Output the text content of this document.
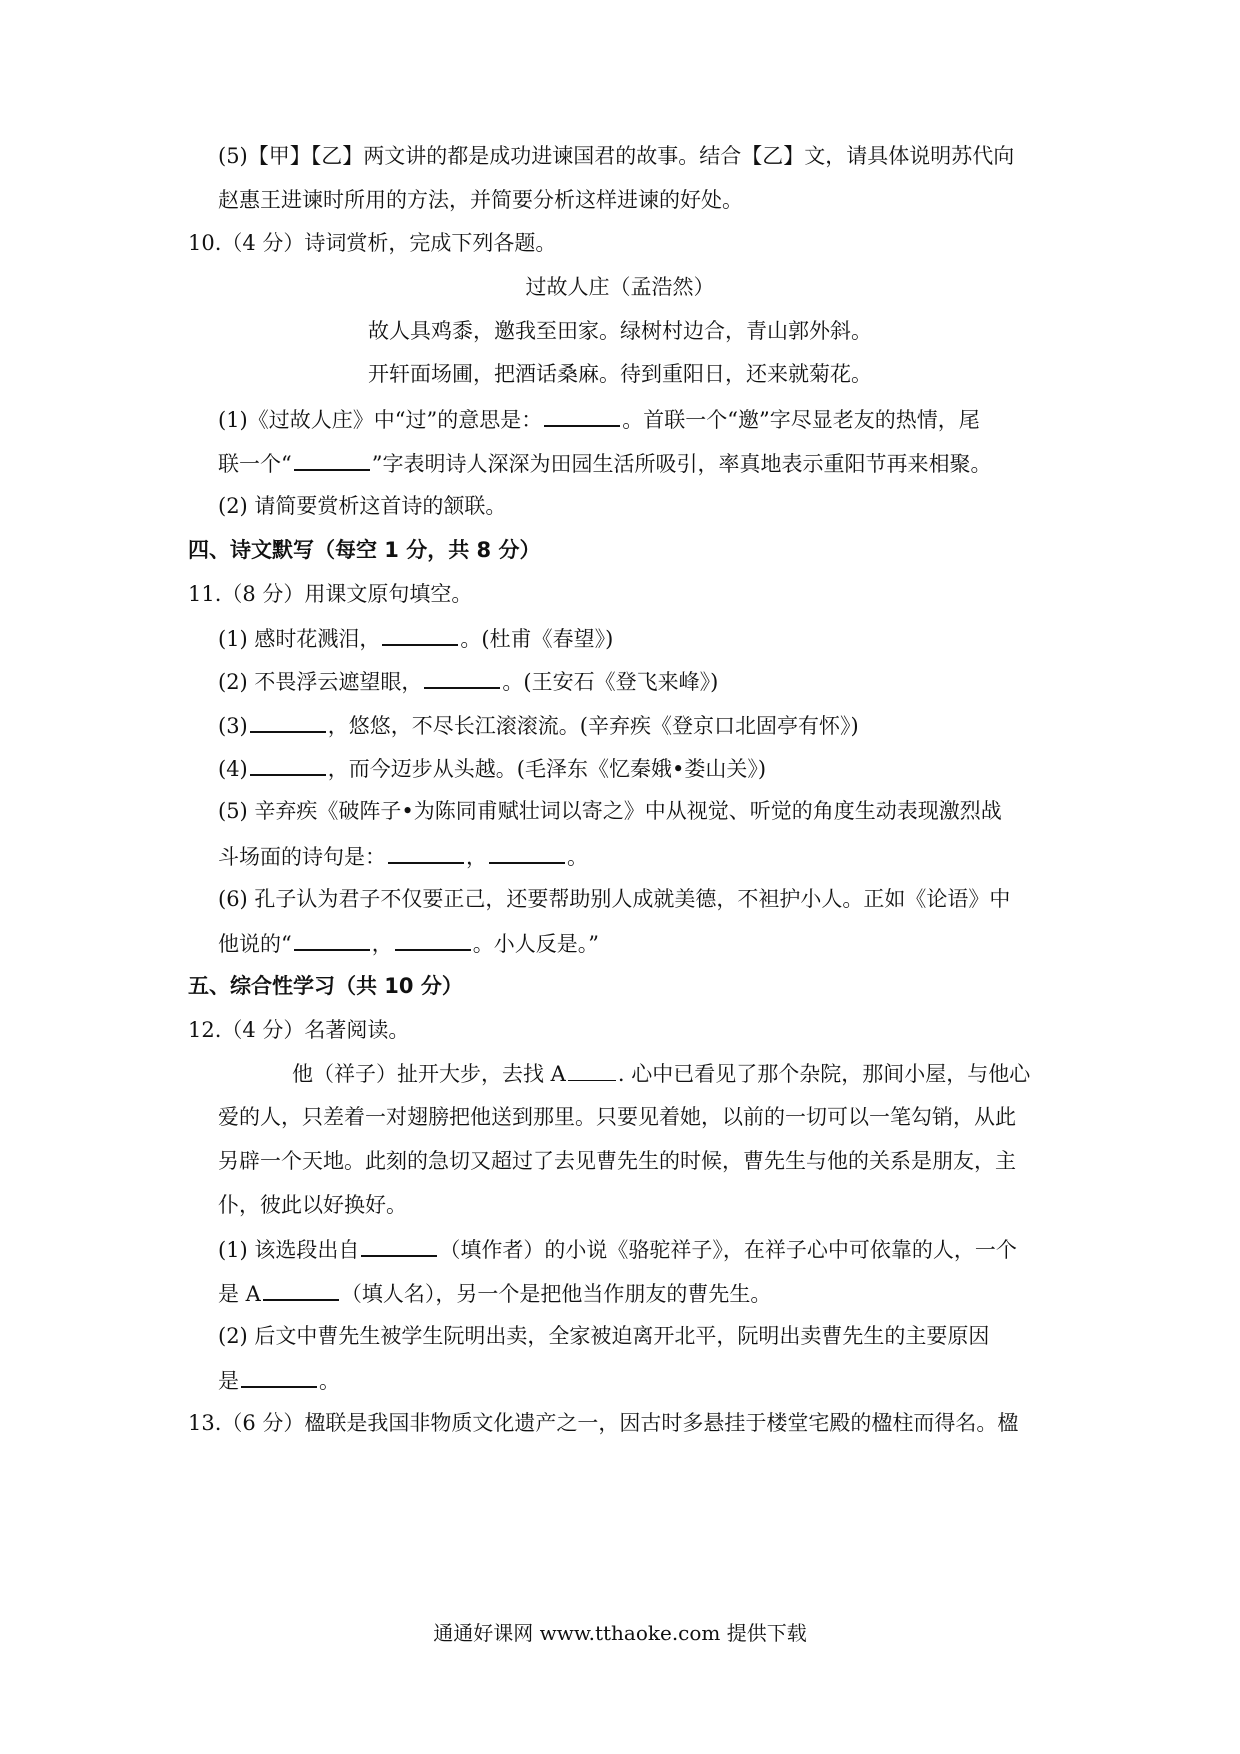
(5)【甲】【乙】两文讲的都是成功进谏国君的故事。结合【乙】文，请具体说明苏代向
赵惠王进谏时所用的方法，并简要分析这样进谏的好处。
10.（4 分）诗词赏析，完成下列各题。
过故人庄（孟浩然）
故人具鸡黍，邀我至田家。绿树村边合，青山郭外斜。
开轩面场圃，把酒话桑麻。待到重阳日，还来就菊花。
(1)《过故人庄》中“过”的意思是：	。首联一个“邀”字尽显老友的热情，尾
联一个“	”字表明诗人深深为田园生活所吸引，率真地表示重阳节再来相聚。
(2) 请简要赏析这首诗的颔联。
四、诗文默写（每空 1 分，共 8 分）
11.（8 分）用课文原句填空。
(1) 感时花溅泪，	。(杜甫《春望》)
(2) 不畏浮云遮望眼，	。(王安石《登飞来峰》)
(3)	，悠悠，不尽长江滚滚流。(辛弃疾《登京口北固亭有怀》)
(4)	，而今迈步从头越。(毛泽东《忆秦娥•娄山关》)
(5) 辛弃疾《破阵子•为陈同甫赋壮词以寄之》中从视觉、听觉的角度生动表现激烈战
斗场面的诗句是：	，	。
(6) 孔子认为君子不仅要正己，还要帮助别人成就美德，不袒护小人。正如《论语》中
他说的“	，	。小人反是。”
五、综合性学习（共 10 分）
12.（4 分）名著阅读。
他（祥子）扯开大步，去找 A . 心中已看见了那个杂院，那间小屋，与他心
爱的人，只差着一对翅膀把他送到那里。只要见着她，以前的一切可以一笔勾销，从此
另辟一个天地。此刻的急切又超过了去见曹先生的时候，曹先生与他的关系是朋友，主
仆，彼此以好换好。
(1) 该选段出自	（填作者）的小说《骆驼祥子》，在祥子心中可依靠的人，一个
是 A	（填人名），另一个是把他当作朋友的曹先生。
(2) 后文中曹先生被学生阮明出卖，全家被迫离开北平，阮明出卖曹先生的主要原因
是	。
13.（6 分）楹联是我国非物质文化遗产之一，因古时多悬挂于楼堂宅殿的楹柱而得名。楹
通通好课网 www.tthaoke.com 提供下载
